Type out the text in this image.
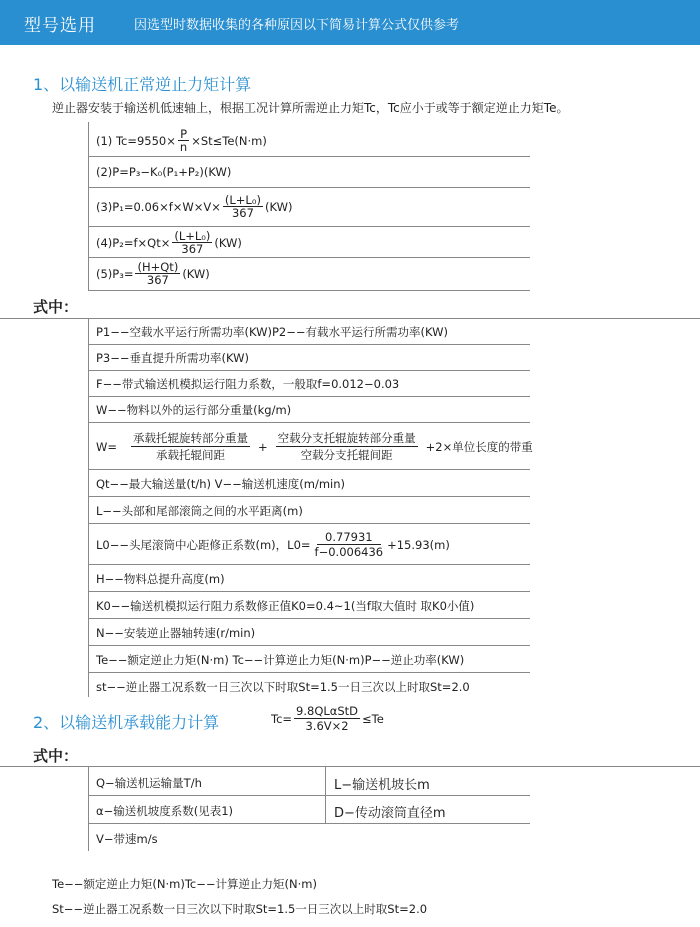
型号选用	因选型时数据收集的各种原因以下简易计算公式仅供参考
1、以输送机正常逆止力矩计算
逆止器安装于输送机低速轴上，根据工况计算所需逆止力矩Tc，Tc应小于或等于额定逆止力矩Te。
(1) $Tc=9550\times \frac{P}{n} \times St\le Te(N\cdot m)$
(2)P=P₃−K₀(P₁+P₂)(KW)
$(3)P_1=0.06\times f\times W\times V\times \frac{\text{(L+L₀)}}{367} (KW)$
$(4)P_2=f\times Qt\times \frac{\text{(L+L₀)}}{367} (KW)$
$(5)P_3= \frac{(H+Qt)}{367} (KW)$
式中：
P1−−空载水平运行所需功率(KW)P2−−有载水平运行所需功率(KW)
P3−−垂直提升所需功率(KW)
F−−带式输送机模拟运行阻力系数，一般取f=0.012−0.03
W−−物料以外的运行部分重量(kg/m)
$W= \frac{\text{承载托辊旋转部分重量}}{\text{承载托辊间距}} + \frac{\text{空载分支托辊旋转部分重量}}{\text{空载分支托辊间距}} +2\times$单位长度的带重
Qt−−最大输送量(t/h) V−−输送机速度(m/min)
L−−头部和尾部滚筒之间的水平距离(m)
L0−−头尾滚筒中心距修正系数(m)，$L0= \frac{0.77931}{f-0.006436} +15.93(m)$
H−−物料总提升高度(m)
K0−−输送机模拟运行阻力系数修正值K0=0.4~1(当f取大值时 取K0小值)
N−−安装逆止器轴转速(r/min)
Te−−额定逆止力矩(N·m) Tc−−计算逆止力矩(N·m)P−−逆止功率(KW)
st−−逆止器工况系数一日三次以下时取St=1.5一日三次以上时取St=2.0
2、以输送机承载能力计算	$Tc= \frac{\text{9.8QLαStD}}{3.6V\times 2} \le Te$
式中：
Q−输送机运输量T/h	L−输送机坡长m
α−输送机坡度系数(见表1)	D−传动滚筒直径m
V−带速m/s
Te−−额定逆止力矩(N·m)Tc−−计算逆止力矩(N·m)
St−−逆止器工况系数一日三次以下时取St=1.5一日三次以上时取St=2.0
